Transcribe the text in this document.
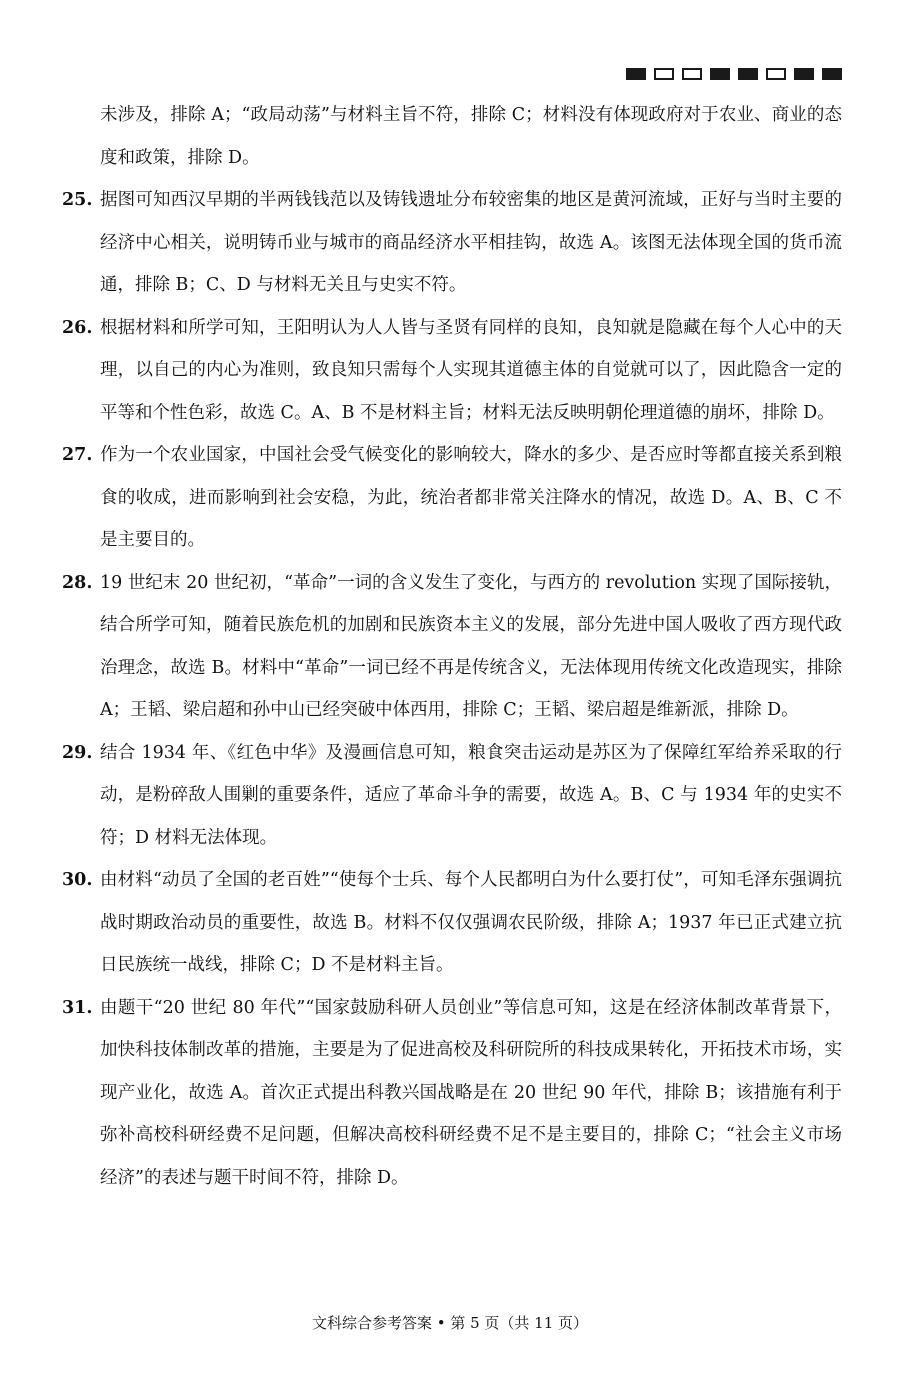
未涉及，排除 A；“政局动荡”与材料主旨不符，排除 C；材料没有体现政府对于农业、商业的态度和政策，排除 D。

25. 据图可知西汉早期的半两钱钱范以及铸钱遗址分布较密集的地区是黄河流域，正好与当时主要的经济中心相关，说明铸币业与城市的商品经济水平相挂钩，故选 A。该图无法体现全国的货币流通，排除 B；C、D 与材料无关且与史实不符。
26. 根据材料和所学可知，王阳明认为人人皆与圣贤有同样的良知，良知就是隐藏在每个人心中的天理，以自己的内心为准则，致良知只需每个人实现其道德主体的自觉就可以了，因此隐含一定的平等和个性色彩，故选 C。A、B 不是材料主旨；材料无法反映明朝伦理道德的崩坏，排除 D。
27. 作为一个农业国家，中国社会受气候变化的影响较大，降水的多少、是否应时等都直接关系到粮食的收成，进而影响到社会安稳，为此，统治者都非常关注降水的情况，故选 D。A、B、C 不是主要目的。
28. 19 世纪末 20 世纪初，“革命”一词的含义发生了变化，与西方的 revolution 实现了国际接轨，结合所学可知，随着民族危机的加剧和民族资本主义的发展，部分先进中国人吸收了西方现代政治理念，故选 B。材料中“革命”一词已经不再是传统含义，无法体现用传统文化改造现实，排除 A；王韬、梁启超和孙中山已经突破中体西用，排除 C；王韬、梁启超是维新派，排除 D。
29. 结合 1934 年、《红色中华》及漫画信息可知，粮食突击运动是苏区为了保障红军给养采取的行动，是粉碎敌人围剿的重要条件，适应了革命斗争的需要，故选 A。B、C 与 1934 年的史实不符；D 材料无法体现。
30. 由材料“动员了全国的老百姓”“使每个士兵、每个人民都明白为什么要打仗”，可知毛泽东强调抗战时期政治动员的重要性，故选 B。材料不仅仅强调农民阶级，排除 A；1937 年已正式建立抗日民族统一战线，排除 C；D 不是材料主旨。
31. 由题干“20 世纪 80 年代”“国家鼓励科研人员创业”等信息可知，这是在经济体制改革背景下，加快科技体制改革的措施，主要是为了促进高校及科研院所的科技成果转化，开拓技术市场，实现产业化，故选 A。首次正式提出科教兴国战略是在 20 世纪 90 年代，排除 B；该措施有利于弥补高校科研经费不足问题，但解决高校科研经费不足不是主要目的，排除 C；“社会主义市场经济”的表述与题干时间不符，排除 D。
文科综合参考答案 • 第 5 页（共 11 页）
